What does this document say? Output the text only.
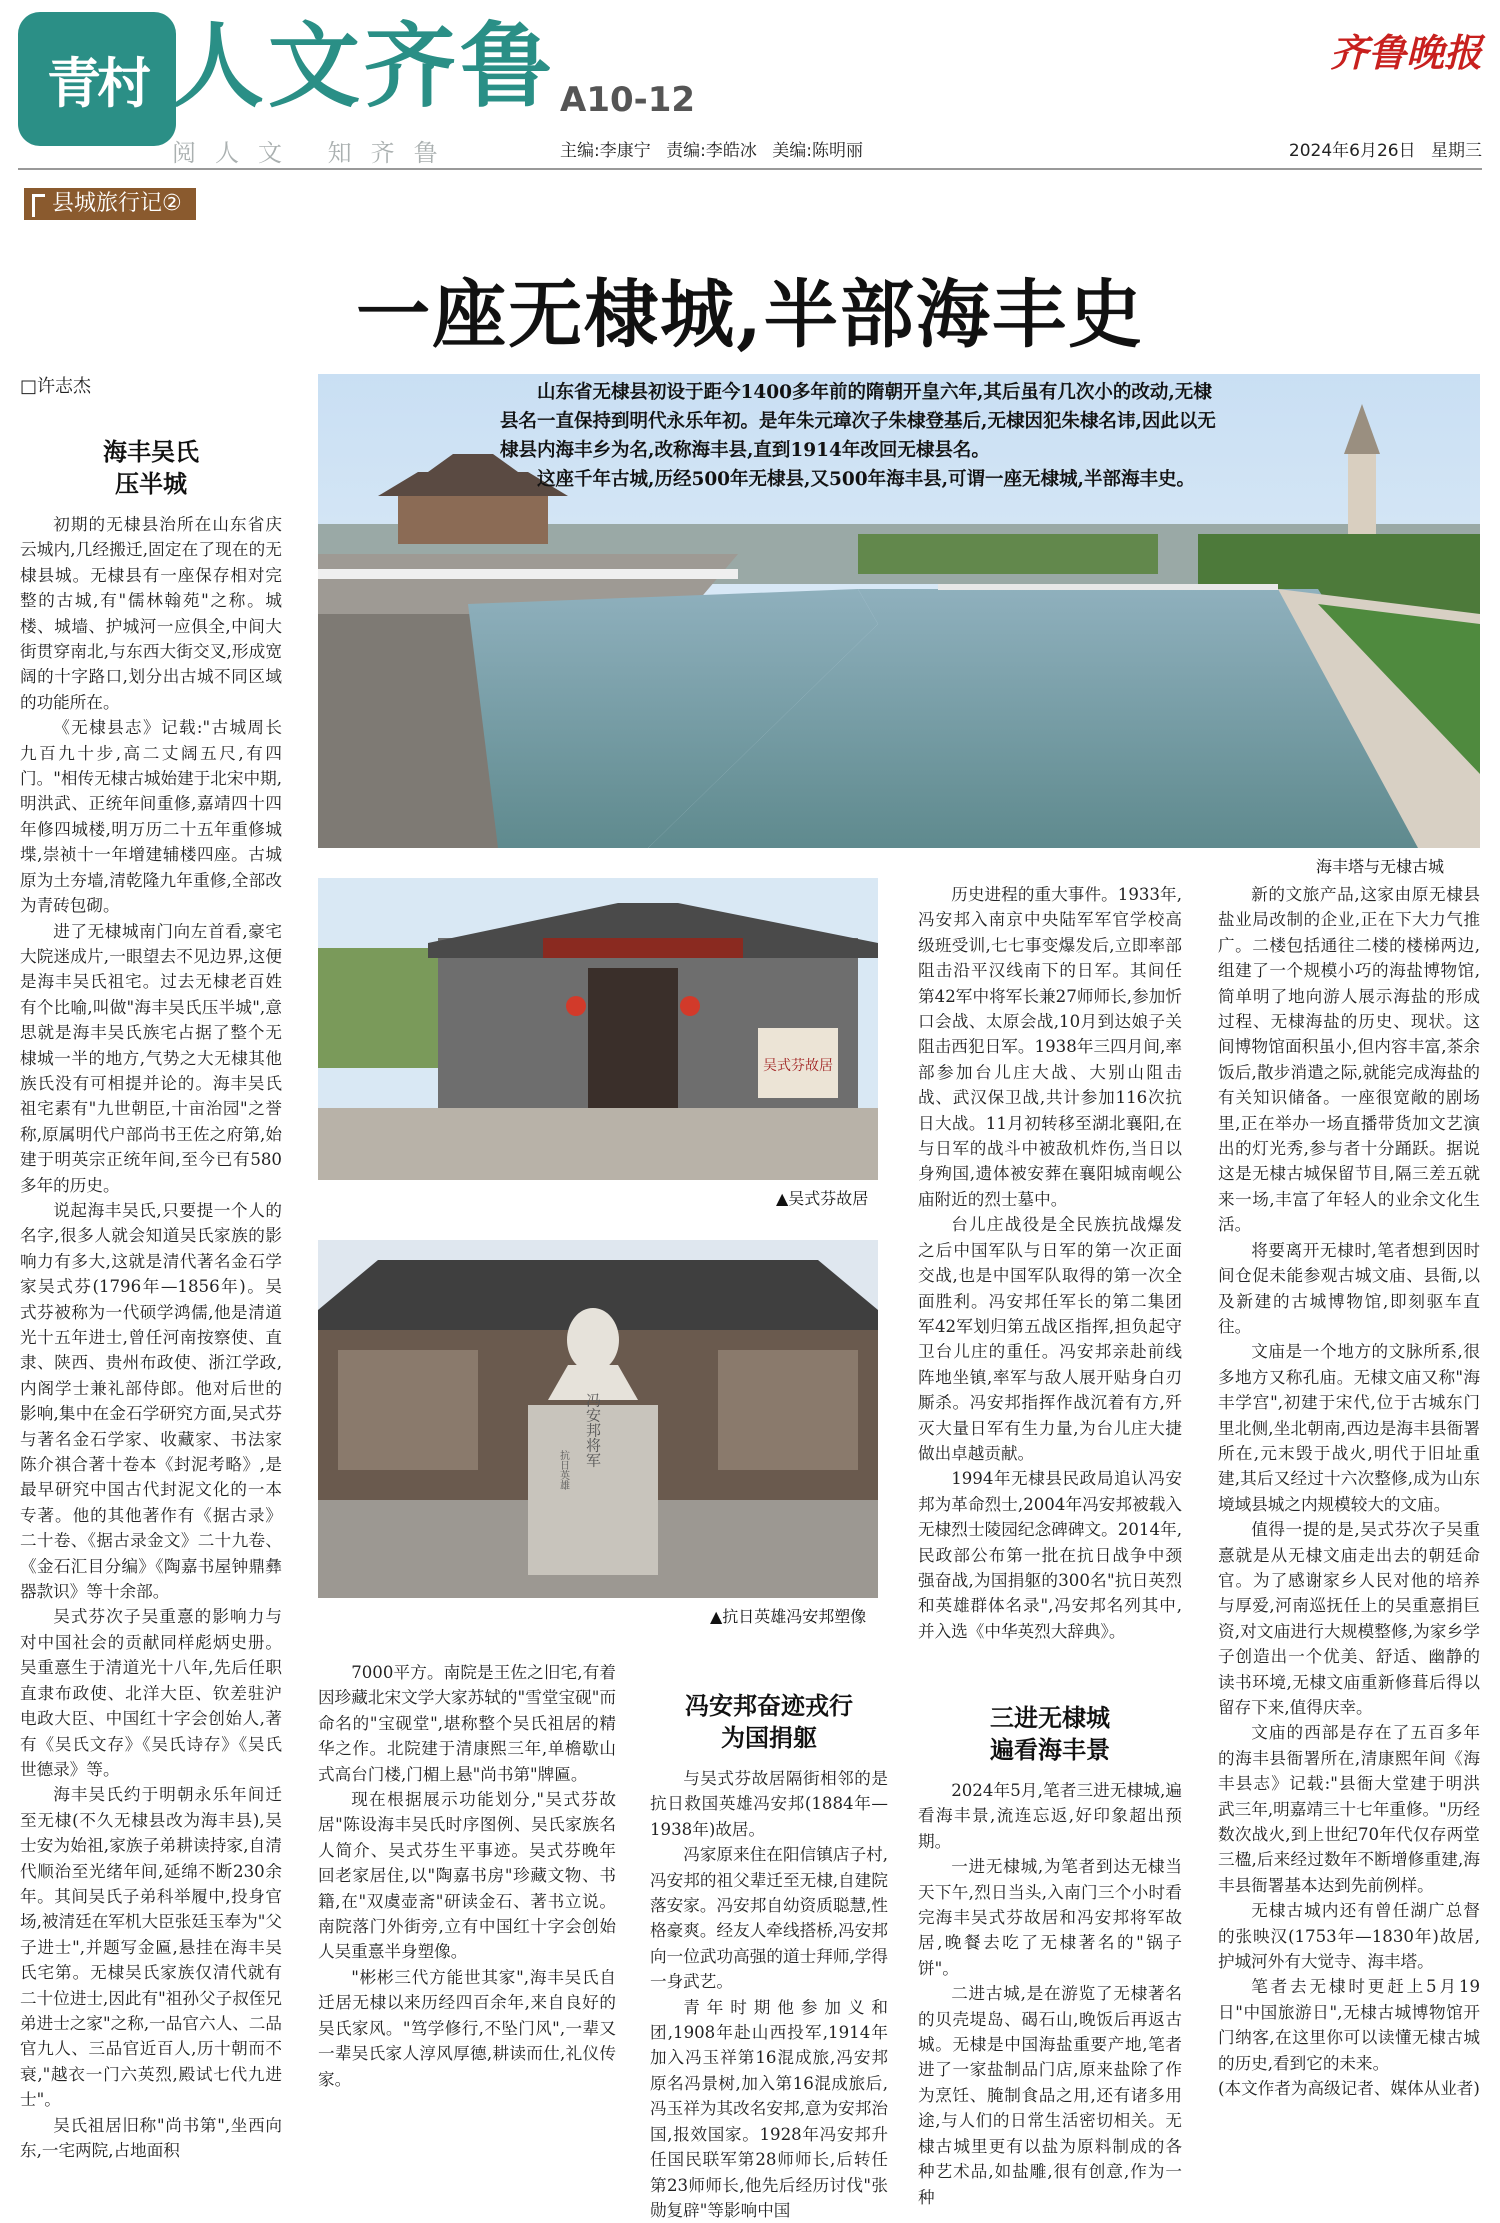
青村 人文齐鲁
阅人文 知齐鲁
A10-12
主编:李康宁 责编:李皓冰 美编:陈明丽
齐鲁晚报
2024年6月26日 星期三
县城旅行记②
一座无棣城,半部海丰史
□许志杰	山东省无棣县初设于距今1400多年前的隋朝开皇六年,其后虽有几次小的改动,无棣县名一直保持到明代永乐年初。是年朱元璋次子朱棣登基后,无棣因犯朱棣名讳,因此以无棣县内海丰乡为名,改称海丰县,直到1914年改回无棣县名。

这座千年古城,历经500年无棣县,又500年海丰县,可谓一座无棣城,半部海丰史。

海丰塔与无棣古城
吴式芬故居
▲吴式芬故居
冯安邦将军
抗日英雄
▲抗日英雄冯安邦塑像
海丰吴氏
压半城

初期的无棣县治所在山东省庆云城内,几经搬迁,固定在了现在的无棣县城。无棣县有一座保存相对完整的古城,有"儒林翰苑"之称。城楼、城墙、护城河一应俱全,中间大街贯穿南北,与东西大街交叉,形成宽阔的十字路口,划分出古城不同区域的功能所在。

《无棣县志》记载:"古城周长九百九十步,高二丈阔五尺,有四门。"相传无棣古城始建于北宋中期,明洪武、正统年间重修,嘉靖四十四年修四城楼,明万历二十五年重修城堞,崇祯十一年增建辅楼四座。古城原为土夯墙,清乾隆九年重修,全部改为青砖包砌。

进了无棣城南门向左首看,豪宅大院迷成片,一眼望去不见边界,这便是海丰吴氏祖宅。过去无棣老百姓有个比喻,叫做"海丰吴氏压半城",意思就是海丰吴氏族宅占据了整个无棣城一半的地方,气势之大无棣其他族氏没有可相提并论的。海丰吴氏祖宅素有"九世朝臣,十亩治园"之誉称,原属明代户部尚书王佐之府第,始建于明英宗正统年间,至今已有580多年的历史。

说起海丰吴氏,只要提一个人的名字,很多人就会知道吴氏家族的影响力有多大,这就是清代著名金石学家吴式芬(1796年—1856年)。吴式芬被称为一代硕学鸿儒,他是清道光十五年进士,曾任河南按察使、直隶、陕西、贵州布政使、浙江学政,内阁学士兼礼部侍郎。他对后世的影响,集中在金石学研究方面,吴式芬与著名金石学家、收藏家、书法家陈介祺合著十卷本《封泥考略》,是最早研究中国古代封泥文化的一本专著。他的其他著作有《据古录》二十卷、《据古录金文》二十九卷、《金石汇目分编》《陶嘉书屋钟鼎彝器款识》等十余部。

吴式芬次子吴重憙的影响力与对中国社会的贡献同样彪炳史册。吴重憙生于清道光十八年,先后任职直隶布政使、北洋大臣、钦差驻沪电政大臣、中国红十字会创始人,著有《吴氏文存》《吴氏诗存》《吴氏世德录》等。

海丰吴氏约于明朝永乐年间迁至无棣(不久无棣县改为海丰县),吴士安为始祖,家族子弟耕读持家,自清代顺治至光绪年间,延绵不断230余年。其间吴氏子弟科举履中,投身官场,被清廷在军机大臣张廷玉奉为"父子进士",并题写金匾,悬挂在海丰吴氏宅第。无棣吴氏家族仅清代就有二十位进士,因此有"祖孙父子叔侄兄弟进士之家"之称,一品官六人、二品官九人、三品官近百人,历十朝而不衰,"越衣一门六英烈,殿试七代九进士"。

吴氏祖居旧称"尚书第",坐西向东,一宅两院,占地面积

7000平方。南院是王佐之旧宅,有着因珍藏北宋文学大家苏轼的"雪堂宝砚"而命名的"宝砚堂",堪称整个吴氏祖居的精华之作。北院建于清康熙三年,单檐歇山式高台门楼,门楣上悬"尚书第"牌匾。

现在根据展示功能划分,"吴式芬故居"陈设海丰吴氏时序图例、吴氏家族名人简介、吴式芬生平事迹。吴式芬晚年回老家居住,以"陶嘉书房"珍藏文物、书籍,在"双虞壶斋"研读金石、著书立说。南院落门外街旁,立有中国红十字会创始人吴重憙半身塑像。

"彬彬三代方能世其家",海丰吴氏自迁居无棣以来历经四百余年,来自良好的吴氏家风。"笃学修行,不坠门风",一辈又一辈吴氏家人淳风厚德,耕读而仕,礼仪传家。

历史进程的重大事件。1933年,冯安邦入南京中央陆军军官学校高级班受训,七七事变爆发后,立即率部阻击沿平汉线南下的日军。其间任第42军中将军长兼27师师长,参加忻口会战、太原会战,10月到达娘子关阻击西犯日军。1938年三四月间,率部参加台儿庄大战、大别山阻击战、武汉保卫战,共计参加116次抗日大战。11月初转移至湖北襄阳,在与日军的战斗中被敌机炸伤,当日以身殉国,遗体被安葬在襄阳城南岘公庙附近的烈士墓中。

台儿庄战役是全民族抗战爆发之后中国军队与日军的第一次正面交战,也是中国军队取得的第一次全面胜利。冯安邦任军长的第二集团军42军划归第五战区指挥,担负起守卫台儿庄的重任。冯安邦亲赴前线阵地坐镇,率军与敌人展开贴身白刃厮杀。冯安邦指挥作战沉着有方,歼灭大量日军有生力量,为台儿庄大捷做出卓越贡献。

1994年无棣县民政局追认冯安邦为革命烈士,2004年冯安邦被载入无棣烈士陵园纪念碑碑文。2014年,民政部公布第一批在抗日战争中颈强奋战,为国捐躯的300名"抗日英烈和英雄群体名录",冯安邦名列其中,并入选《中华英烈大辞典》。

冯安邦奋迹戎行
为国捐躯

与吴式芬故居隔街相邻的是抗日救国英雄冯安邦(1884年—1938年)故居。

冯家原来住在阳信镇店子村,冯安邦的祖父辈迁至无棣,自建院落安家。冯安邦自幼资质聪慧,性格豪爽。经友人牵线搭桥,冯安邦向一位武功高强的道士拜师,学得一身武艺。

青年时期他参加义和团,1908年赴山西投军,1914年加入冯玉祥第16混成旅,冯安邦原名冯景树,加入第16混成旅后,冯玉祥为其改名安邦,意为安邦治国,报效国家。1928年冯安邦升任国民联军第28师师长,后转任第23师师长,他先后经历讨伐"张勋复辟"等影响中国

三进无棣城
遍看海丰景

2024年5月,笔者三进无棣城,遍看海丰景,流连忘返,好印象超出预期。

一进无棣城,为笔者到达无棣当天下午,烈日当头,入南门三个小时看完海丰吴式芬故居和冯安邦将军故居,晚餐去吃了无棣著名的"锅子饼"。

二进古城,是在游览了无棣著名的贝壳堤岛、碣石山,晚饭后再返古城。无棣是中国海盐重要产地,笔者进了一家盐制品门店,原来盐除了作为烹饪、腌制食品之用,还有诸多用途,与人们的日常生活密切相关。无棣古城里更有以盐为原料制成的各种艺术品,如盐雕,很有创意,作为一种

新的文旅产品,这家由原无棣县盐业局改制的企业,正在下大力气推广。二楼包括通往二楼的楼梯两边,组建了一个规模小巧的海盐博物馆,简单明了地向游人展示海盐的形成过程、无棣海盐的历史、现状。这间博物馆面积虽小,但内容丰富,茶余饭后,散步消遣之际,就能完成海盐的有关知识储备。一座很宽敞的剧场里,正在举办一场直播带货加文艺演出的灯光秀,参与者十分踊跃。据说这是无棣古城保留节目,隔三差五就来一场,丰富了年轻人的业余文化生活。

将要离开无棣时,笔者想到因时间仓促未能参观古城文庙、县衙,以及新建的古城博物馆,即刻驱车直往。

文庙是一个地方的文脉所系,很多地方又称孔庙。无棣文庙又称"海丰学宫",初建于宋代,位于古城东门里北侧,坐北朝南,西边是海丰县衙署所在,元末毁于战火,明代于旧址重建,其后又经过十六次整修,成为山东境域县城之内规模较大的文庙。

值得一提的是,吴式芬次子吴重憙就是从无棣文庙走出去的朝廷命官。为了感谢家乡人民对他的培养与厚爱,河南巡抚任上的吴重憙捐巨资,对文庙进行大规模整修,为家乡学子创造出一个优美、舒适、幽静的读书环境,无棣文庙重新修葺后得以留存下来,值得庆幸。

文庙的西部是存在了五百多年的海丰县衙署所在,清康熙年间《海丰县志》记载:"县衙大堂建于明洪武三年,明嘉靖三十七年重修。"历经数次战火,到上世纪70年代仅存两堂三楹,后来经过数年不断增修重建,海丰县衙署基本达到先前例样。

无棣古城内还有曾任湖广总督的张映汉(1753年—1830年)故居,护城河外有大觉寺、海丰塔。

笔者去无棣时更赶上5月19日"中国旅游日",无棣古城博物馆开门纳客,在这里你可以读懂无棣古城的历史,看到它的未来。

(本文作者为高级记者、媒体从业者)
